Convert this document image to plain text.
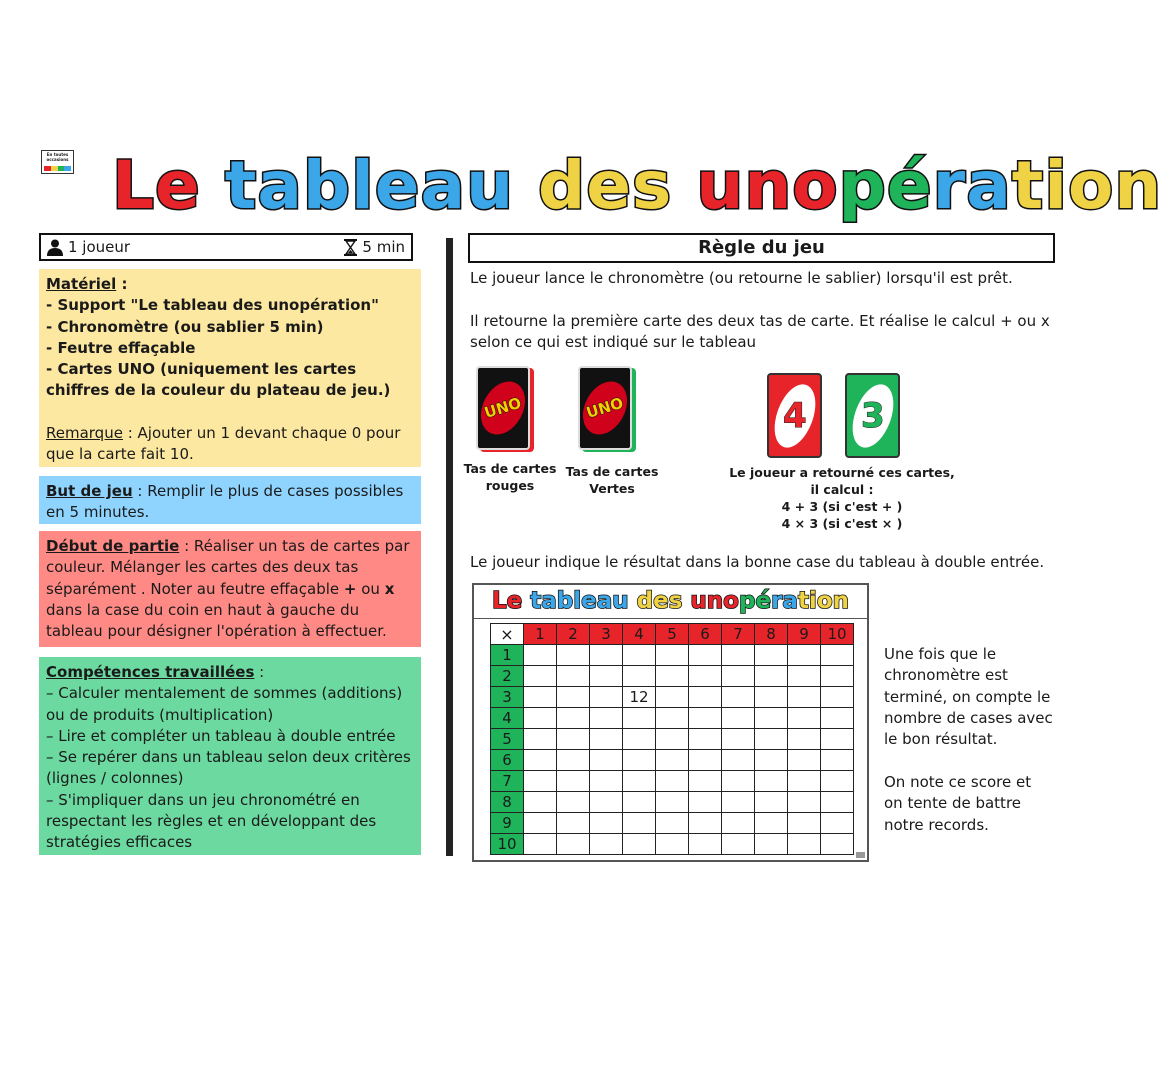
En toutes occasions Le tableau des unopération
1 joueur	5 min
Matériel :
- Support "Le tableau des unopération"
- Chronomètre (ou sablier 5 min)
- Feutre effaçable
- Cartes UNO (uniquement les cartes chiffres de la couleur du plateau de jeu.)
Remarque : Ajouter un 1 devant chaque 0 pour que la carte fait 10.
But de jeu : Remplir le plus de cases possibles en 5 minutes.
Début de partie : Réaliser un tas de cartes par couleur. Mélanger les cartes des deux tas séparément . Noter au feutre effaçable + ou x dans la case du coin en haut à gauche du tableau pour désigner l'opération à effectuer.
Compétences travaillées :
– Calculer mentalement de sommes (additions) ou de produits (multiplication)
– Lire et compléter un tableau à double entrée
– Se repérer dans un tableau selon deux critères (lignes / colonnes)
– S'impliquer dans un jeu chronométré en respectant les règles et en développant des stratégies efficaces
Règle du jeu
Le joueur lance le chronomètre (ou retourne le sablier) lorsqu'il est prêt.
Il retourne la première carte des deux tas de carte. Et réalise le calcul + ou x selon ce qui est indiqué sur le tableau
UNO	UNO
Tas de cartes rouges
Tas de cartes Vertes
4 3
Le joueur a retourné ces cartes,
il calcul :
4 + 3 (si c'est + )
4 × 3 (si c'est × )
Le joueur indique le résultat dans la bonne case du tableau à double entrée.
Le tableau des unopération
×	1	2	3	4	5	6	7	8	9	10
1										
2										
3				12						
4										
5										
6										
7										
8										
9										
10										
Une fois que le chronomètre est terminé, on compte le nombre de cases avec le bon résultat.
On note ce score et on tente de battre notre records.
